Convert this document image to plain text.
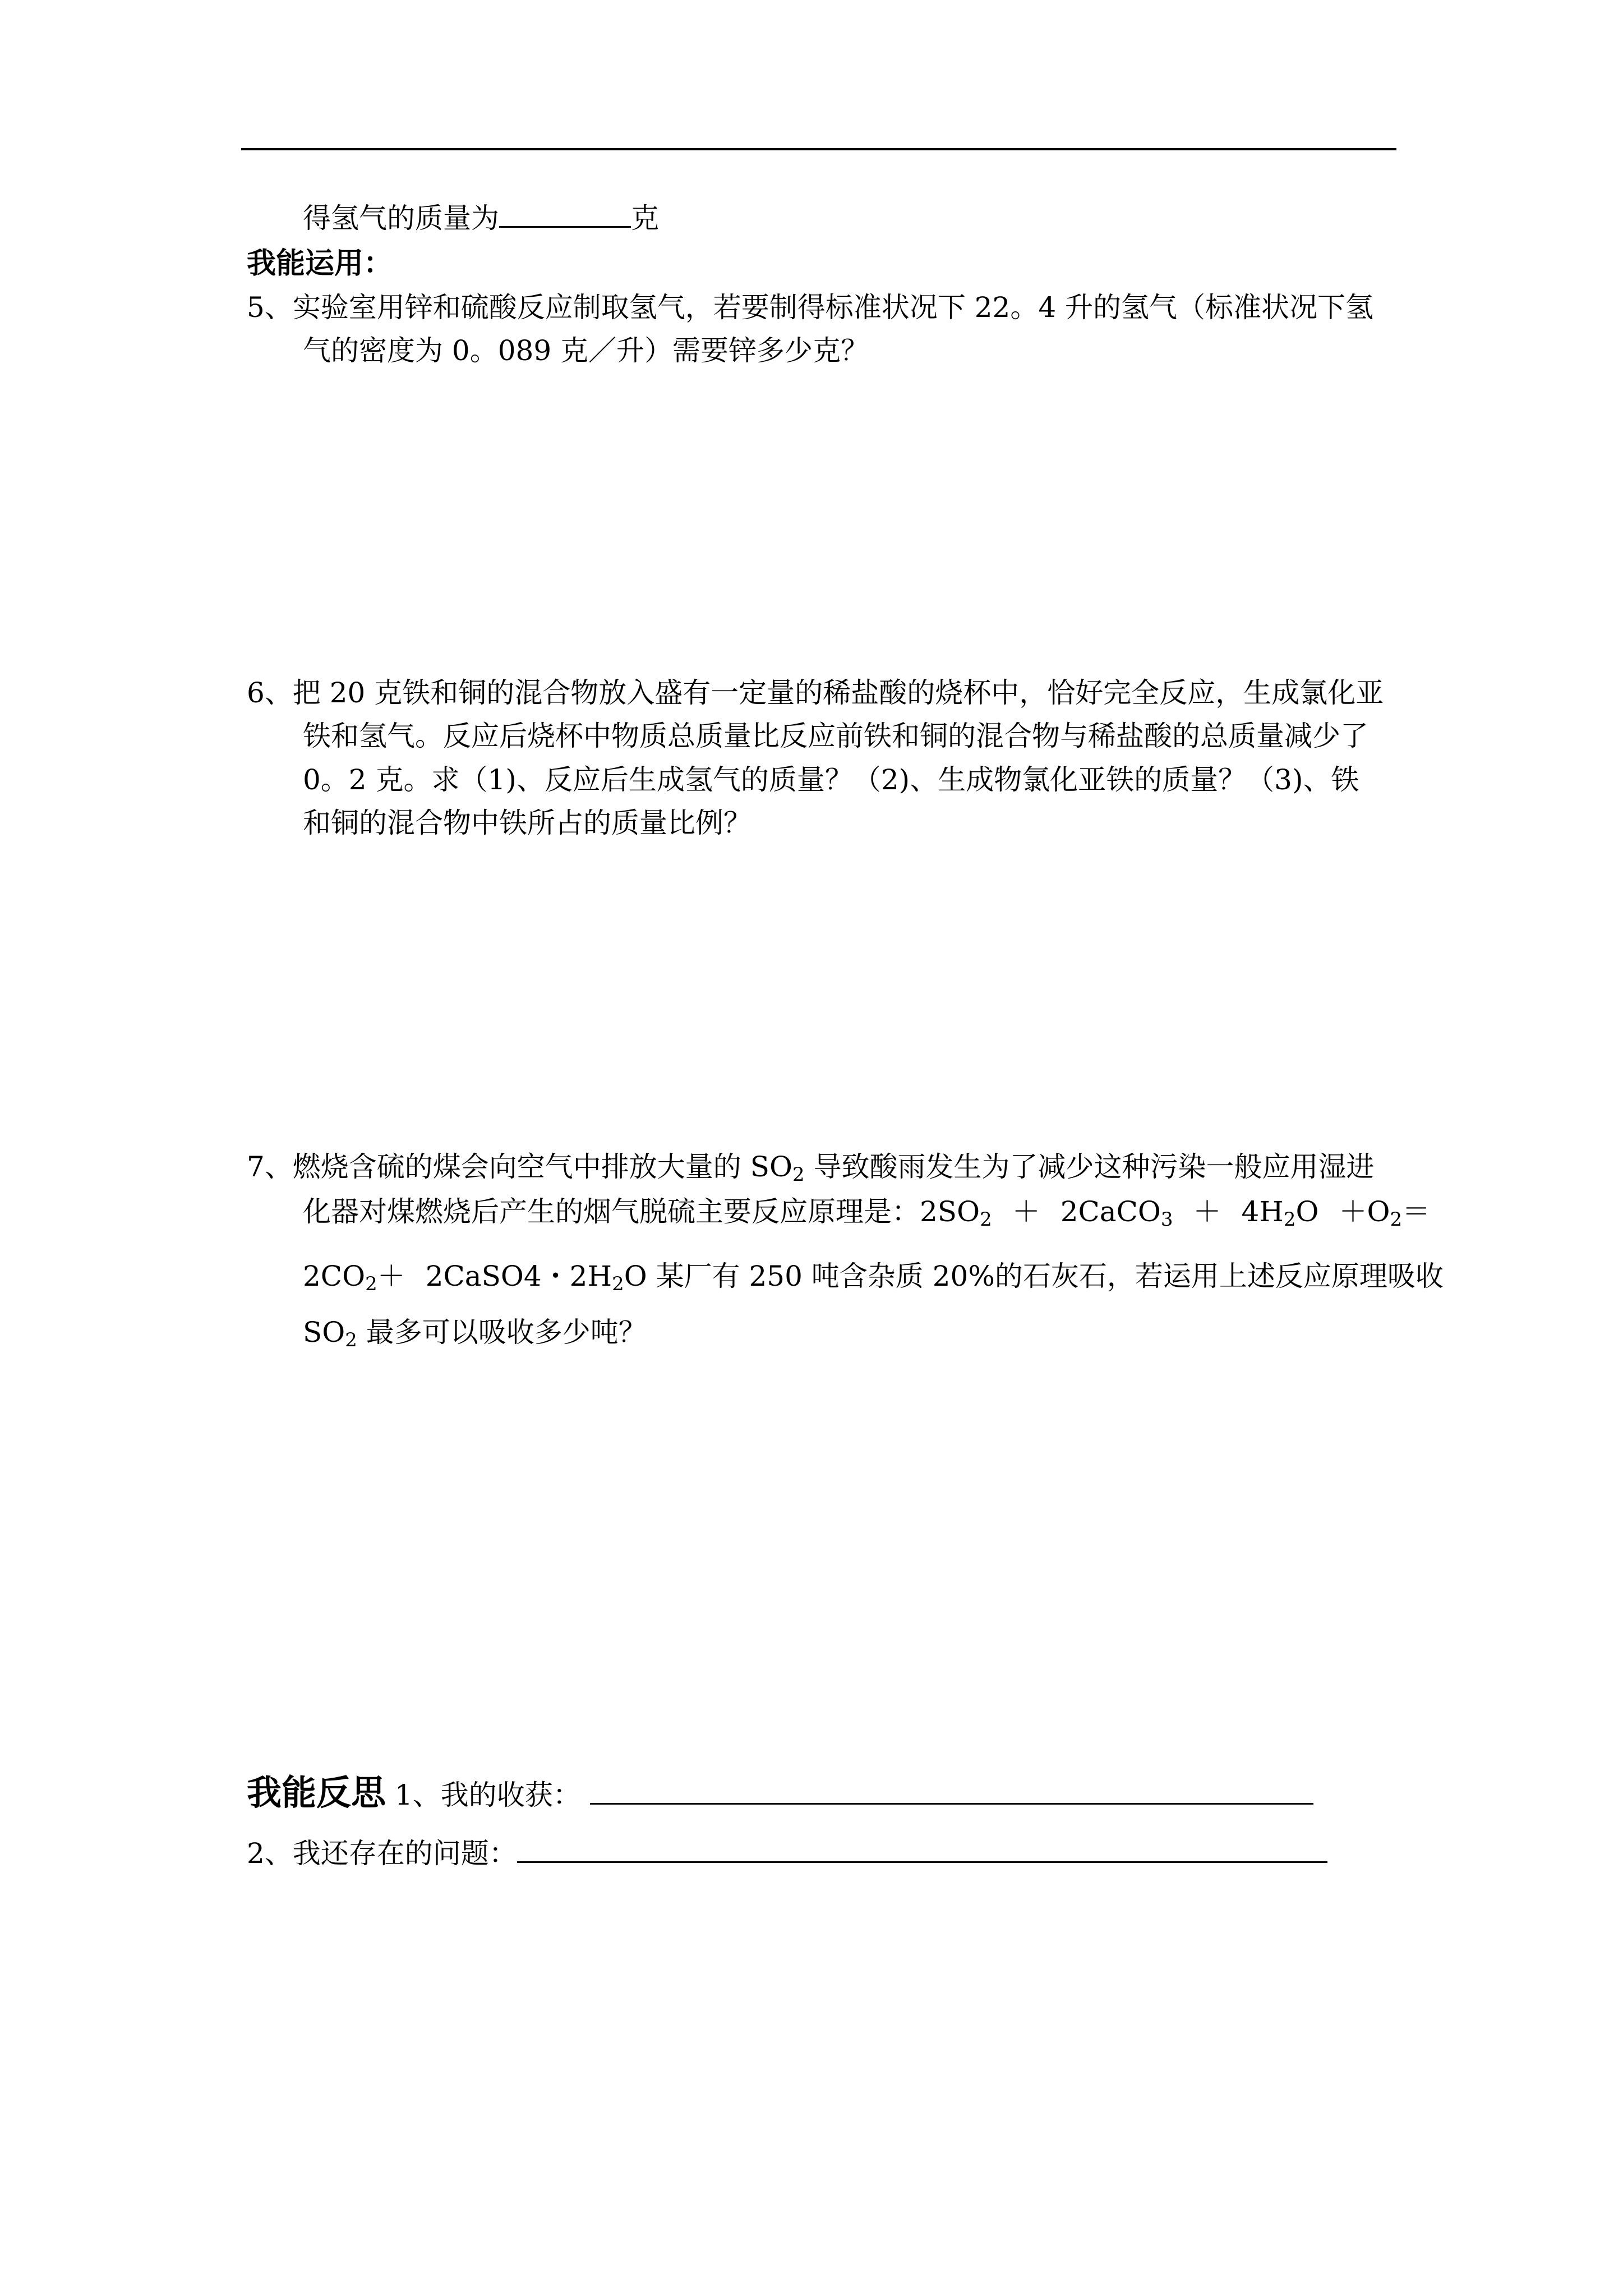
得氢气的质量为	克
我能运用：
5、实验室用锌和硫酸反应制取氢气，若要制得标准状况下 22。4 升的氢气（标准状况下氢
气的密度为 0。089 克／升）需要锌多少克？
6、把 20 克铁和铜的混合物放入盛有一定量的稀盐酸的烧杯中，恰好完全反应，生成氯化亚
铁和氢气。反应后烧杯中物质总质量比反应前铁和铜的混合物与稀盐酸的总质量减少了
0。2 克。求（1)、反应后生成氢气的质量？（2)、生成物氯化亚铁的质量？（3)、铁
和铜的混合物中铁所占的质量比例？
7、燃烧含硫的煤会向空气中排放大量的 $SO_2$ 导致酸雨发生为了减少这种污染一般应用湿进
化器对煤燃烧后产生的烟气脱硫主要反应原理是：$2SO_2$ ＋ 2CaCO$_3$ ＋ $4H_2O +O_2=$
$2CO_2+$ 2CaSO4・$2H_2O$ 某厂有 250 吨含杂质 20%的石灰石，若运用上述反应原理吸收
$SO_2$ 最多可以吸收多少吨？
我能反思 1、我的收获：
2、我还存在的问题：
